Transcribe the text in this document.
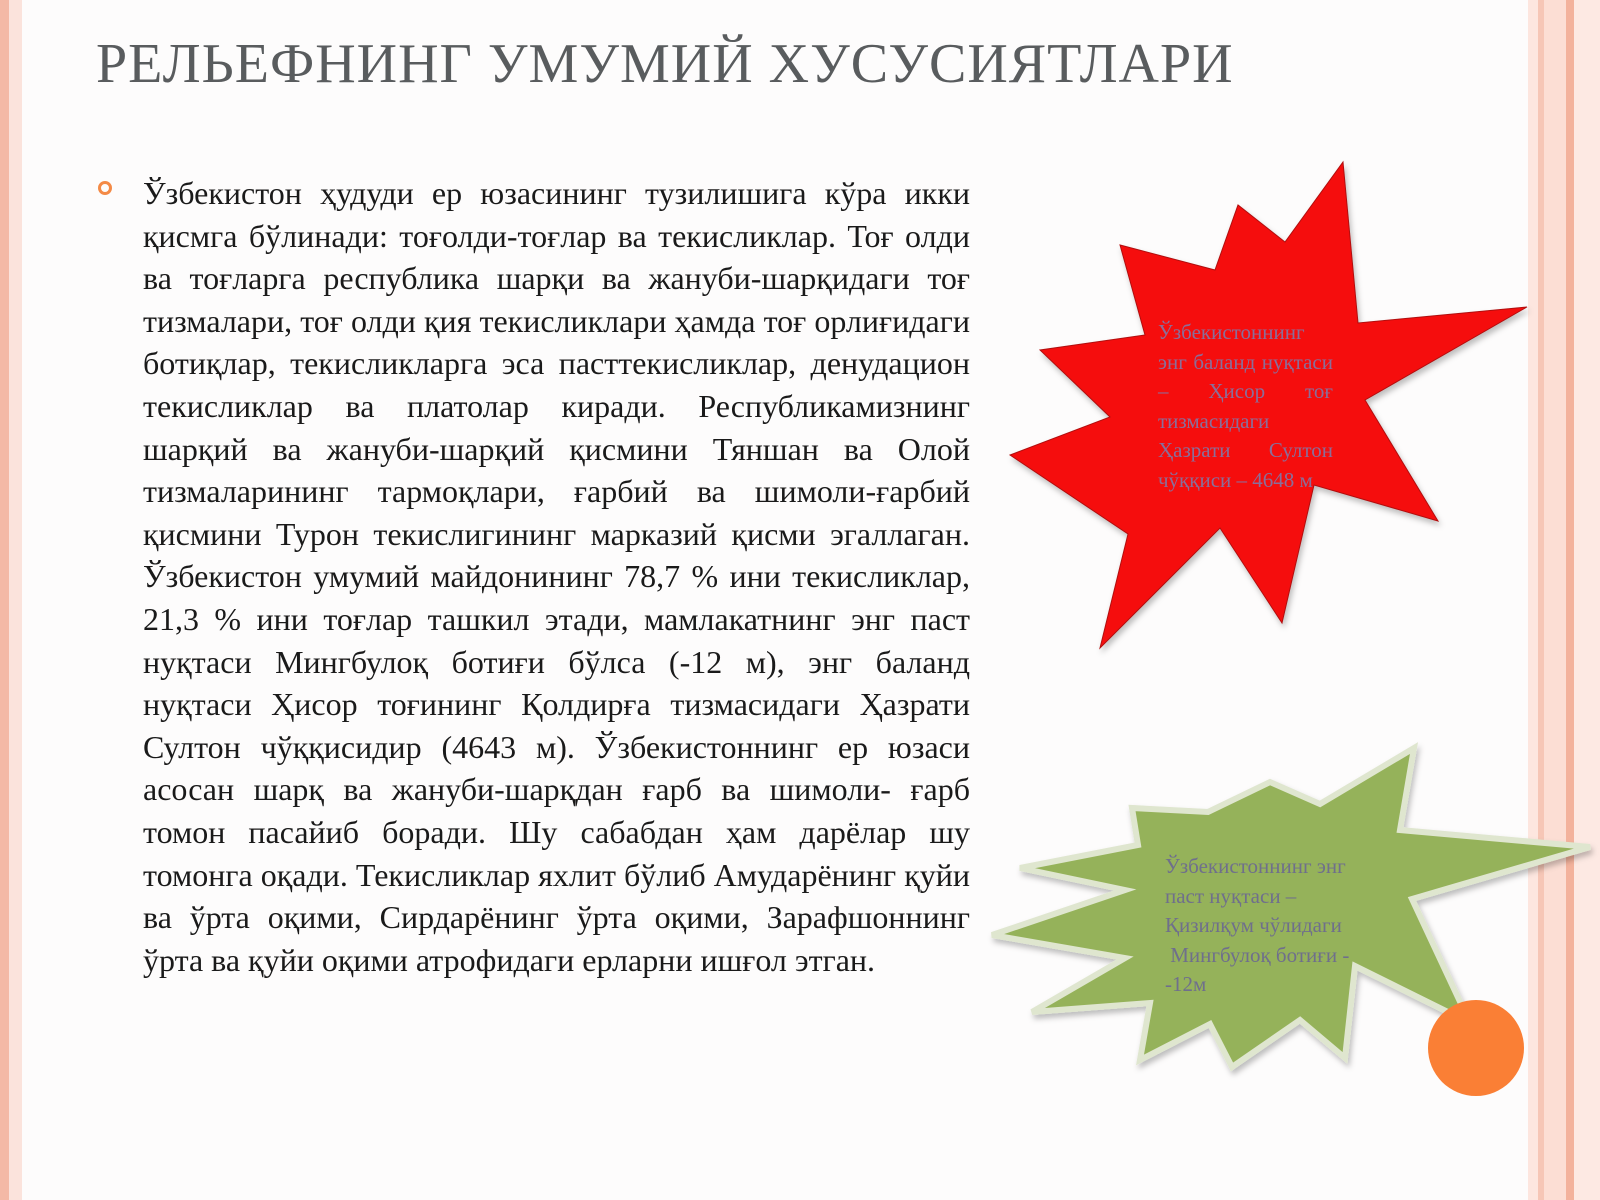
РЕЛЬЕФНИНГ УМУМИЙ ХУСУСИЯТЛАРИ

Ўзбекистон ҳудуди ер юзасининг тузилишига кўра икки қисмга бўлинади: тоғолди-тоғлар ва текисликлар. Тоғ олди ва тоғларга республика шарқи ва жануби-шарқидаги тоғ тизмалари, тоғ олди қия текисликлари ҳамда тоғ орлиғидаги ботиқлар, текисликларга эса пасттекисликлар, денудацион текисликлар ва платолар киради. Республикамизнинг шарқий ва жануби-шарқий қисмини Тяншан ва Олой тизмаларининг тармоқлари, ғарбий ва шимоли-ғарбий қисмини Турон текислигининг марказий қисми эгаллаган. Ўзбекистон умумий майдонининг 78,7 % ини текисликлар, 21,3 % ини тоғлар ташкил этади, мамлакатнинг энг паст нуқтаси Мингбулоқ ботиғи бўлса (-12 м), энг баланд нуқтаси Ҳисор тоғининг Қолдирға тизмасидаги Ҳазрати Султон чўққисидир (4643 м). Ўзбекистоннинг ер юзаси асосан шарқ ва жануби-шарқдан ғарб ва шимоли- ғарб томон пасайиб боради. Шу сабабдан ҳам дарёлар шу томонга оқади. Текисликлар яхлит бўлиб Амударёнинг қуйи ва ўрта оқими, Сирдарёнинг ўрта оқими, Зарафшоннинг ўрта ва қуйи оқими атрофидаги ерларни ишғол этган.

Ўзбекистоннинг энг баланд нуқтаси – Ҳисор тоғ тизмасидаги Ҳазрати Султон чўққиси – 4648 м

Ўзбекистоннинг энг паст нуқтаси – Қизилқум чўлидаги
Мингбулоқ ботиғи -  -12м
